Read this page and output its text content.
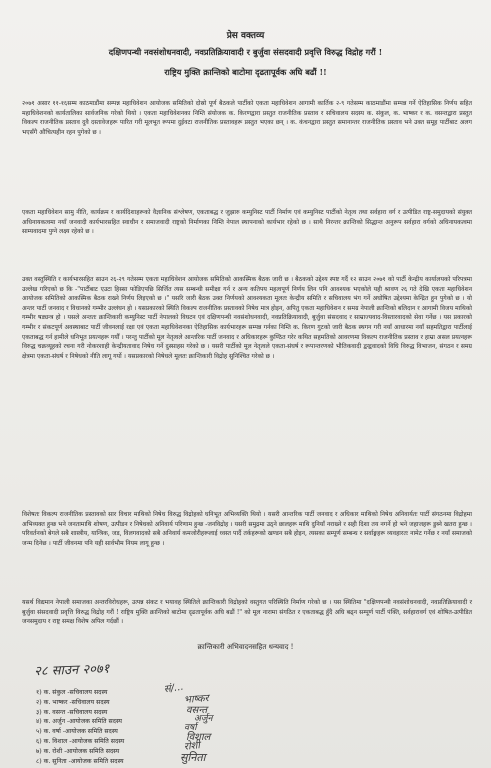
प्रेस वक्तव्य
दक्षिणपन्थी नवसंशोधनवादी, नवप्रतिक्रियावादी र बुर्जुवा संसदवादी प्रवृत्ति विरुद्ध विद्रोह गरौं !
राष्ट्रिय मुक्ति क्रान्तिको बाटोमा दृढतापूर्वक अघि बढौं !!

२०७१ असार ११-१६सम्म काठमाडौंमा सम्पन्न महाधिवेशन आयोजक समितिको दोस्रो पूर्ण बैठकले पार्टीको एकता महाधिवेशन आगामी कार्तिक २-९ गतेसम्म काठमाडौंमा सम्पन्न गर्ने ऐतिहासिक निर्णय सहित महाधिवेशनको कार्यतालिका सार्वजनिक गरेको थियो । एकता महाधिवेशनका निम्ति संयोजक क. किरणद्वारा प्रस्तुत राजनीतिक प्रस्ताव र सचिवालय सदस्य क. संकुल, क. भाष्कर र क. वसन्तद्वारा प्रस्तुत विकल्प राजनीतिक प्रस्ताव दुवै दस्तावेजहरू पारित गरी मूलभूत रूपमा दुईवटा राजनीतिक प्रस्तावहरू प्रस्तुत भएका छन् । क. कंचनद्वारा प्रस्तुत समानान्तर राजनीतिक प्रस्ताव भने उक्त समूह पार्टीबाट अलग भएसँगै औचित्यहीन रहन पुगेको छ ।

एकता महाधिवेशन सामु नीति, कार्यक्रम र कार्यदिशाहरूको वैज्ञानिक संश्लेषण, एकताबद्ध र जुझारु कम्युनिस्ट पार्टी निर्माण एवं कम्युनिस्ट पार्टीको नेतृत्व तथा सर्वहारा वर्ग र उत्पीडित राष्ट्र-समुदायको संयुक्त अधिनायकत्वमा नयाँ जनवादी कार्यभारसहित स्वाधीन र समाजवादी राष्ट्रको निर्माणका निम्ति नेपाल स्थापनाको कार्यभार रहेको छ । साथै निरन्तर क्रान्तिको सिद्धान्त अनुरूप सर्वहारा वर्गको अधिनायकत्वमा साम्यवादमा पुग्ने लक्ष्य रहेको छ ।

उक्त वस्तुस्थिति र कार्यभारसहित साउन २६-२९ गतेसम्म एकता महाधिवेशन आयोजक समितिको आकस्मिक बैठक जारी छ । बैठकको उद्देश्य स्पष्ट गर्दै १२ साउन २०७१ को पार्टी केन्द्रीय कार्यालयको परिपत्रमा उल्लेख गरिएको छ कि -"पार्टीबाट एउटा हिस्सा फोडिएपछि सिर्जित त्यस सम्बन्धी समीक्षा गर्न र अन्य कतिपय महत्वपूर्ण निर्णय लिन पनि आवश्यक भएकोले यही श्रावण २६ गते देखि एकता महाधिवेशन आयोजक समितिको आकस्मिक बैठक राख्ने निर्णय लिइएको छ ।" यसरि जारी बैठक उक्त निर्णयको आवश्यकता मूलतः केन्द्रीय समिति र सचिवालय भंग गर्ने अघोषित उद्देश्यमा केन्द्रित हुन पुगेको छ । यो अन्तर पार्टी जनवाद र विधानको गम्भीर उल्लंघन हो । यसप्रकारको स्थिति विकल्प राजनीतिक प्रस्तावको निषेध मात्र होइन, अपितु एकता महाधिवेशन र समग्र नेपाली क्रान्तिको बलिदान र आगामी विजय माथिको गम्भीर षड्यन्त्र हो । यसले अन्ततः क्रान्तिकारी कम्युनिस्ट पार्टी नेपालको विघटन एवं दक्षिणपन्थी नवसंशोधनवादी, नवप्रतिक्रियावादी, बुर्जुवा संसदवाद र साम्राज्यवाद-विस्तारवादको सेवा गर्नेछ । यस प्रकारको गम्भीर र संकटपूर्ण अवस्थाबाट पार्टी जीवनलाई रक्षा एवं एकता महाधिवेशनका ऐतिहासिक कार्यभारहरू सम्पन्न गर्नका निम्ति क. किरण गुटको जारी बैठक स्थगन गरी नयाँ आधारमा नयाँ सहमतिद्वारा पार्टीलाई एकताबद्ध गर्न हामीले धनिभूत प्रयत्नहरू गर्यौं । परन्तु पार्टीको मूल नेतृत्वले आन्तरिक पार्टी जनवाद र अधिकारहरू कुण्ठित गरेर कथित सहमतिको आवरणमा विकल्प राजनीतिक प्रस्ताव र हाम्रा असल प्रयत्नहरू विरुद्ध चक्रव्यूहको रचना गरी नोकरशाही केन्द्रीयतावाद निषेध गर्ने दुस्साहस गरेको छ । यसरी पार्टीको मूल नेतृत्वले एकता-संघर्ष र रूपान्तरणको भौतिकवादी द्वन्द्ववादको विधि विरुद्ध विभाजन, संगठन र समग्र क्षेत्रमा एकता-संघर्ष र निषेधको नीति लागू गर्यो । यसप्रकारको निषेधले मूलतः क्रान्तिकारी विद्रोह सुनिश्चित गरेको छ ।

विशेषतः विकल्प राजनीतिक प्रस्तावको सार विचार माथिको निषेध विरुद्ध विद्रोहको घनिभूत अभिव्यक्ति थियो । यसरी आन्तरिक पार्टी जनवाद र अधिकार माथिको निषेध अनिवार्यतः पार्टी संगठनमा विद्रोहमा अभिव्यक्त हुन्छ भने जनतामाथि शोषण, उत्पीडन र निषेधको अनिवार्य परिणाम हुन्छ -जनविद्रोह । यसरी समुद्रमा उठ्ने छालहरू माथि दुनियाँ नराख्ने र सही दिशा तय नगर्ने हो भने जहाजहरू डुब्ने खतरा हुन्छ । परिवर्तनको बेगले सबै शास्त्रीय, यान्त्रिक, जड, विलगवादको सबै अनिवार्य कमजोरीहरूलाई ध्वस्त पार्दै तर्कहरूको खण्डन सबै होइन, त्यसका सम्पूर्ण सम्बन्ध र सर्वाङ्गहरू व्यवहारतः नामेट गर्नेछ र नयाँ समाजको जन्म दिनेछ । पार्टी जीवनमा पनि यही सार्वभौम नियम लागू हुन्छ ।

यसर्थ विद्यमान नेपाली समाजका अन्तरविरोधहरू, उत्पन्न संकट र भयावह स्थितिले क्रान्तिकारी विद्रोहको वस्तुगत परिस्थिति निर्माण गरेको छ । यस स्थितिमा "दक्षिणपन्थी नवसंशोधनवादी, नवप्रतिक्रियावादी र बुर्जुवा संसदवादी प्रवृत्ति विरुद्ध विद्रोह गरौं ! राष्ट्रिय मुक्ति क्रान्तिको बाटोमा दृढतापूर्वक अघि बढौं !" को मूल नारामा संगठित र एकताबद्ध हुँदै अघि बढ्न सम्पूर्ण पार्टी पंक्ति, सर्वहारावर्ग एवं शोषित-उत्पीडित जनसमुदाय र राष्ट्र समक्ष विशेष अपिल गर्दछौं ।

क्रान्तिकारी अभिवादनसहित धन्यवाद !
२८ साउन २०७१
१) क. संकुल -सचिवालय सदस्य	सं/...
२) क. भाष्कर -सचिवालय सदस्य	भाष्कर
३) क. वसन्त -सचिवालय सदस्य	वसन्त
४) क. अर्जुन -आयोजक समिति सदस्य	अर्जुन
५) क. वर्षा -आयोजक समिति सदस्य	वर्षा
६) क. विशाल -आयोजक समिति सदस्य	विशाल
७) क. रोशी -आयोजक समिति सदस्य	रोशी
८) क. सुनिता -आयोजक समिति सदस्य	सुनिता
